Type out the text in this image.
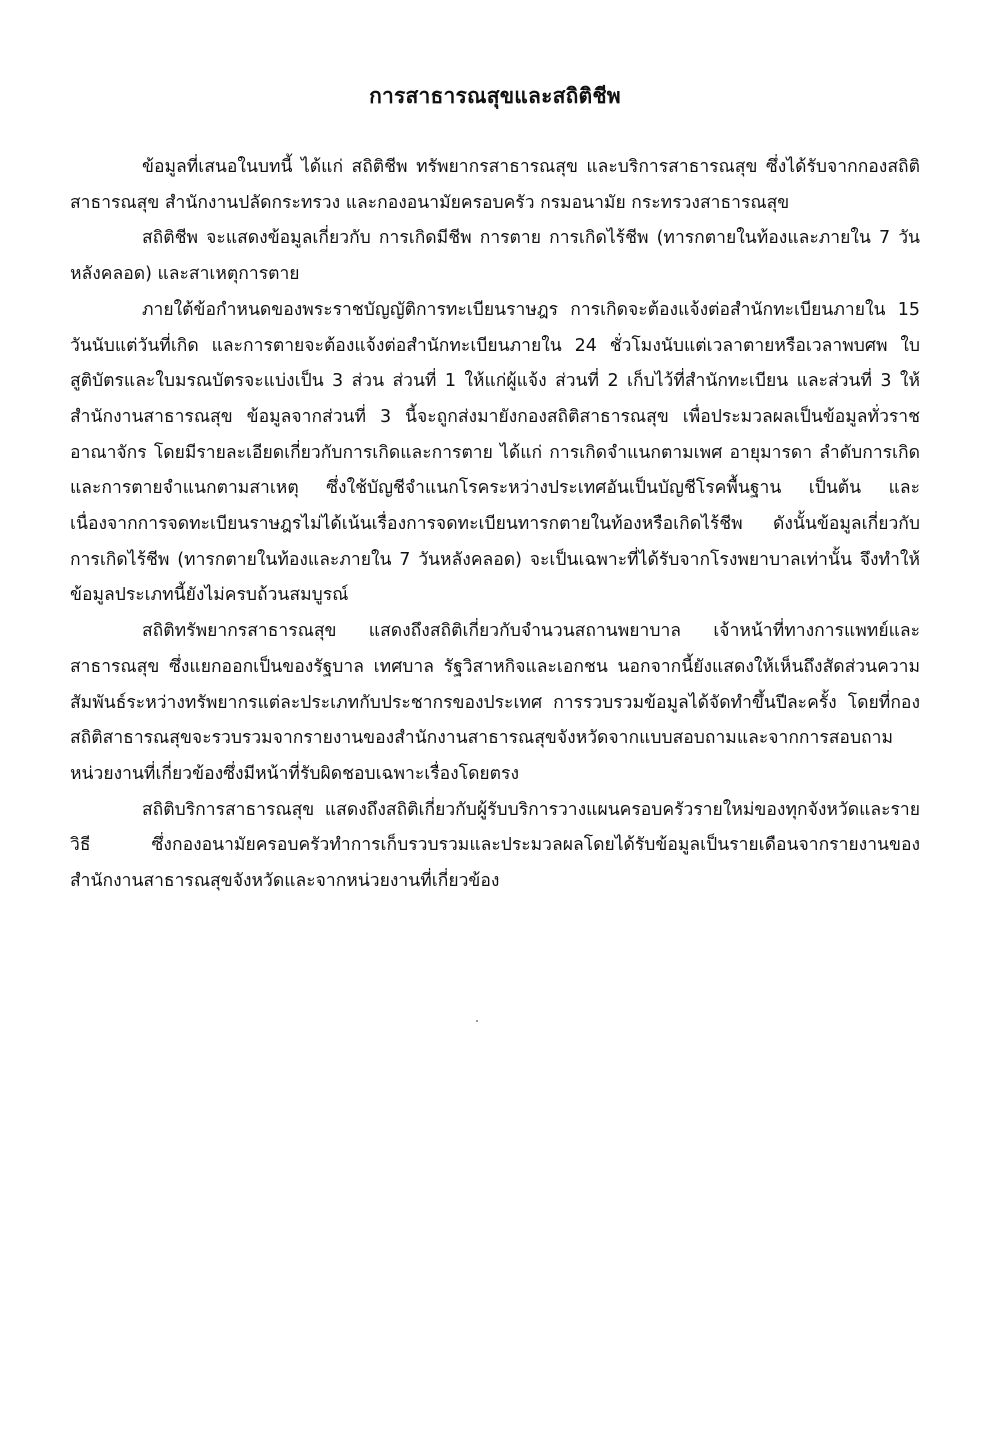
การสาธารณสุขและสถิติชีพ

ข้อมูลที่เสนอในบทนี้ ได้แก่ สถิติชีพ ทรัพยากรสาธารณสุข และบริการสาธารณสุข ซึ่งได้รับจากกองสถิติสาธารณสุข สำนักงานปลัดกระทรวง และกองอนามัยครอบครัว กรมอนามัย กระทรวงสาธารณสุข

สถิติชีพ จะแสดงข้อมูลเกี่ยวกับ การเกิดมีชีพ การตาย การเกิดไร้ชีพ (ทารกตายในท้องและภายใน 7 วันหลังคลอด) และสาเหตุการตาย

ภายใต้ข้อกำหนดของพระราชบัญญัติการทะเบียนราษฎร การเกิดจะต้องแจ้งต่อสำนักทะเบียนภายใน 15 วันนับแต่วันที่เกิด และการตายจะต้องแจ้งต่อสำนักทะเบียนภายใน 24 ชั่วโมงนับแต่เวลาตายหรือเวลาพบศพ ใบสูติบัตรและใบมรณบัตรจะแบ่งเป็น 3 ส่วน ส่วนที่ 1 ให้แก่ผู้แจ้ง ส่วนที่ 2 เก็บไว้ที่สำนักทะเบียน และส่วนที่ 3 ให้สำนักงานสาธารณสุข ข้อมูลจากส่วนที่ 3 นี้จะถูกส่งมายังกองสถิติสาธารณสุข เพื่อประมวลผลเป็นข้อมูลทั่วราชอาณาจักร โดยมีรายละเอียดเกี่ยวกับการเกิดและการตาย ได้แก่ การเกิดจำแนกตามเพศ อายุมารดา ลำดับการเกิด และการตายจำแนกตามสาเหตุ ซึ่งใช้บัญชีจำแนกโรคระหว่างประเทศอันเป็นบัญชีโรคพื้นฐาน เป็นต้น และเนื่องจากการจดทะเบียนราษฎรไม่ได้เน้นเรื่องการจดทะเบียนทารกตายในท้องหรือเกิดไร้ชีพ ดังนั้นข้อมูลเกี่ยวกับการเกิดไร้ชีพ (ทารกตายในท้องและภายใน 7 วันหลังคลอด) จะเป็นเฉพาะที่ได้รับจากโรงพยาบาลเท่านั้น จึงทำให้ข้อมูลประเภทนี้ยังไม่ครบถ้วนสมบูรณ์

สถิติทรัพยากรสาธารณสุข แสดงถึงสถิติเกี่ยวกับจำนวนสถานพยาบาล เจ้าหน้าที่ทางการแพทย์และสาธารณสุข ซึ่งแยกออกเป็นของรัฐบาล เทศบาล รัฐวิสาหกิจและเอกชน นอกจากนี้ยังแสดงให้เห็นถึงสัดส่วนความสัมพันธ์ระหว่างทรัพยากรแต่ละประเภทกับประชากรของประเทศ การรวบรวมข้อมูลได้จัดทำขึ้นปีละครั้ง โดยที่กองสถิติสาธารณสุขจะรวบรวมจากรายงานของสำนักงานสาธารณสุขจังหวัดจากแบบสอบถามและจากการสอบถามหน่วยงานที่เกี่ยวข้องซึ่งมีหน้าที่รับผิดชอบเฉพาะเรื่องโดยตรง

สถิติบริการสาธารณสุข แสดงถึงสถิติเกี่ยวกับผู้รับบริการวางแผนครอบครัวรายใหม่ของทุกจังหวัดและรายวิธี ซึ่งกองอนามัยครอบครัวทำการเก็บรวบรวมและประมวลผลโดยได้รับข้อมูลเป็นรายเดือนจากรายงานของสำนักงานสาธารณสุขจังหวัดและจากหน่วยงานที่เกี่ยวข้อง
